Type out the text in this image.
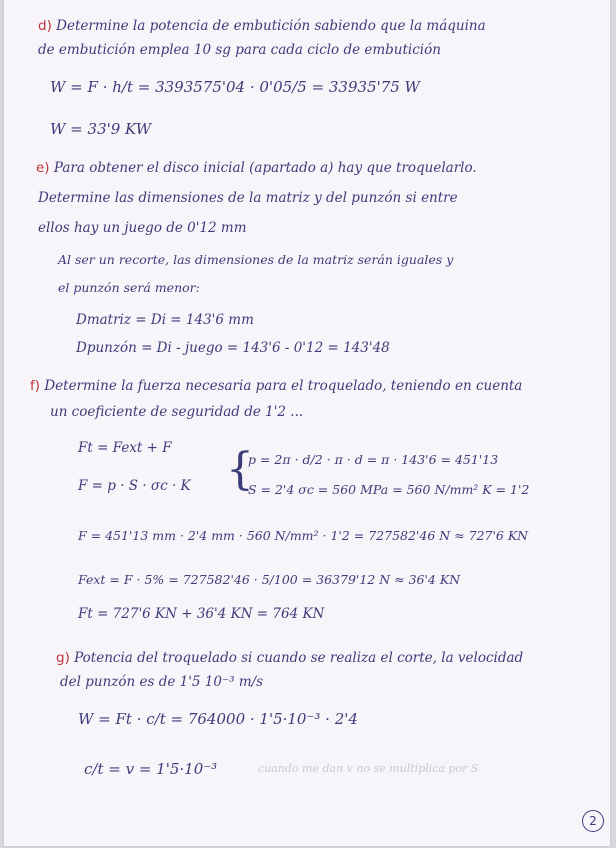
d) Determine la potencia de embutición sabiendo que la máquina
de embutición emplea 10 sg para cada ciclo de embutición
W = F · h/t = 3393575'04 · 0'05/5 = 33935'75 W
W = 33'9 KW
e) Para obtener el disco inicial (apartado a) hay que troquelarlo.
Determine las dimensiones de la matriz y del punzón si entre
ellos hay un juego de 0'12 mm
Al ser un recorte, las dimensiones de la matriz serán iguales y
el punzón será menor:
Dmatriz = Di = 143'6 mm
Dpunzón = Di - juego = 143'6 - 0'12 = 143'48
f) Determine la fuerza necesaria para el troquelado, teniendo en cuenta
un coeficiente de seguridad de 1'2 ...
Ft = Fext + F
F = p · S · σc · K {
p = 2π · d/2 · π · d = π · 143'6 = 451'13
S = 2'4 σc = 560 MPa = 560 N/mm² K = 1'2
F = 451'13 mm · 2'4 mm · 560 N/mm² · 1'2 = 727582'46 N ≈ 727'6 KN
Fext = F · 5% = 727582'46 · 5/100 = 36379'12 N ≈ 36'4 KN
Ft = 727'6 KN + 36'4 KN = 764 KN
g) Potencia del troquelado si cuando se realiza el corte, la velocidad
del punzón es de 1'5 10⁻³ m/s
W = Ft · c/t = 764000 · 1'5·10⁻³ · 2'4
c/t = v = 1'5·10⁻³	cuando me dan v no se multiplica por S
2
